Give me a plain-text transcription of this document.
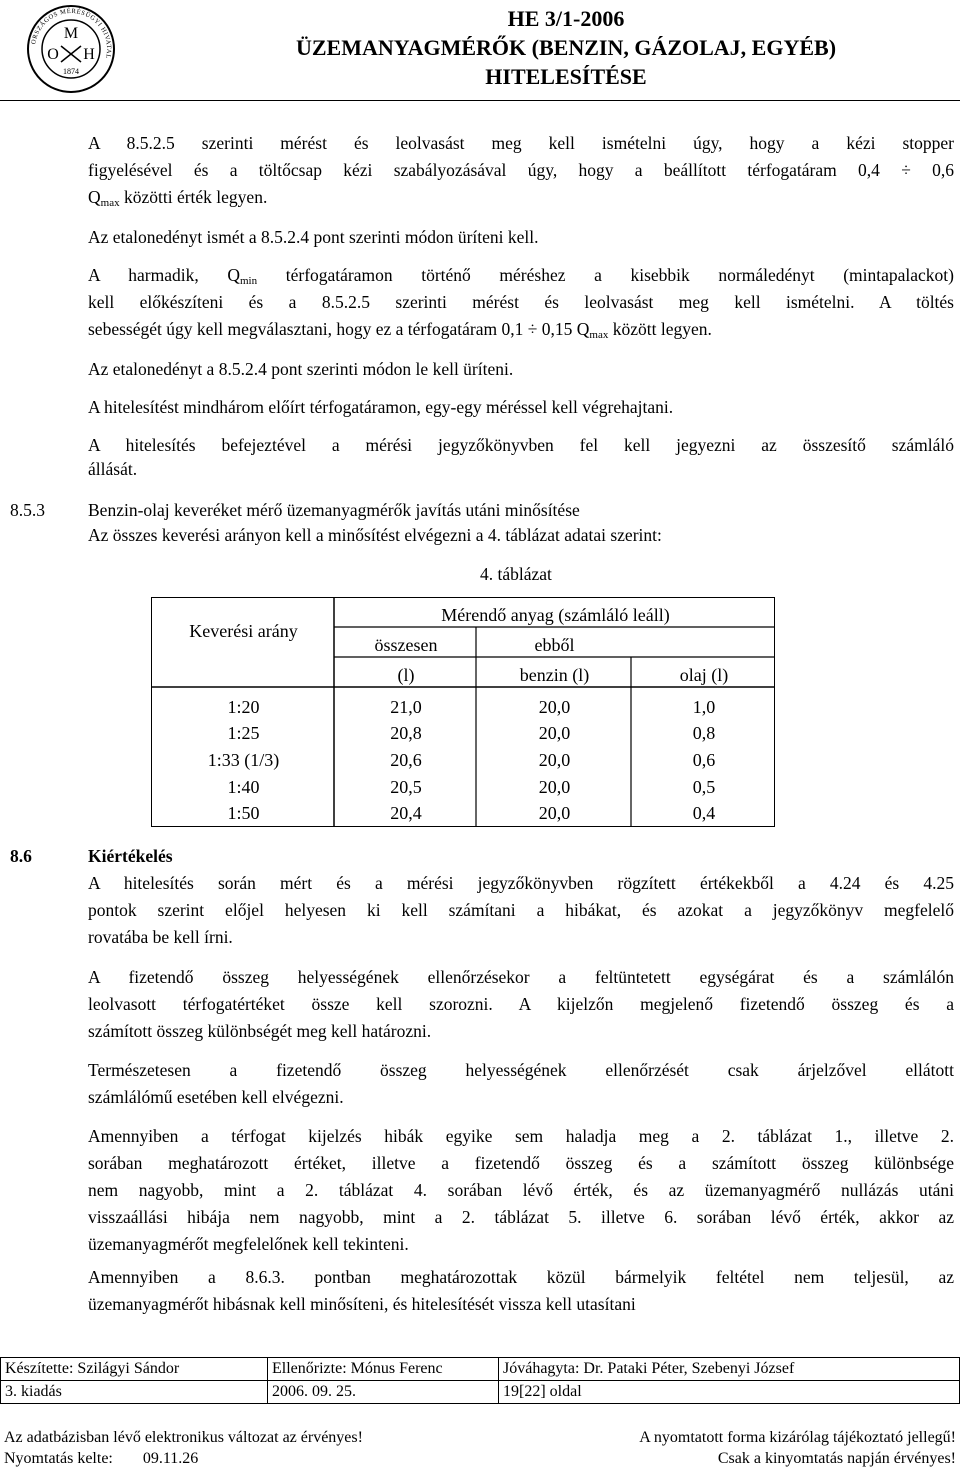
ORSZÁGOS MÉRÉSÜGYI HIVATAL
M
O H
1874
HE 3/1-2006
ÜZEMANYAGMÉRŐK (BENZIN, GÁZOLAJ, EGYÉB)
HITELESÍTÉSE
A 8.5.2.5 szerinti mérést és leolvasást meg kell ismételni úgy, hogy a kézi stopper
figyelésével és a töltőcsap kézi szabályozásával úgy, hogy a beállított térfogatáram 0,4 ÷ 0,6
$Q_{max}$ közötti érték legyen.
Az etalonedényt ismét a 8.5.2.4 pont szerinti módon üríteni kell.
A harmadik, $Q_{min}$ térfogatáramon történő méréshez a kisebbik normáledényt (mintapalackot)
kell előkészíteni és a 8.5.2.5 szerinti mérést és leolvasást meg kell ismételni. A töltés
sebességét úgy kell megválasztani, hogy ez a térfogatáram 0,1 ÷ 0,15 $Q_{max}$ között legyen.
Az etalonedényt a 8.5.2.4 pont szerinti módon le kell üríteni.
A hitelesítést mindhárom előírt térfogatáramon, egy-egy méréssel kell végrehajtani.
A hitelesítés befejeztével a mérési jegyzőkönyvben fel kell jegyezni az összesítő számláló
állását.
8.5.3 Benzin-olaj keveréket mérő üzemanyagmérők javítás utáni minősítése
Az összes keverési arányon kell a minősítést elvégezni a 4. táblázat adatai szerint:
4. táblázat
Keverési arány
Mérendő anyag (számláló leáll)
összesen	ebből
(l)	benzin (l)	olaj (l)
1:20	21,0	20,0	1,0
1:25	20,8	20,0	0,8
1:33 (1/3)	20,6	20,0	0,6
1:40	20,5	20,0	0,5
1:50	20,4	20,0	0,4
8.6	Kiértékelés
A hitelesítés során mért és a mérési jegyzőkönyvben rögzített értékekből a 4.24 és 4.25
pontok szerint előjel helyesen ki kell számítani a hibákat, és azokat a jegyzőkönyv megfelelő
rovatába be kell írni.
A fizetendő összeg helyességének ellenőrzésekor a feltüntetett egységárat és a számlálón
leolvasott térfogatértéket össze kell szorozni. A kijelzőn megjelenő fizetendő összeg és a
számított összeg különbségét meg kell határozni.
Természetesen a fizetendő összeg helyességének ellenőrzését csak árjelzővel ellátott
számlálómű esetében kell elvégezni.
Amennyiben a térfogat kijelzés hibák egyike sem haladja meg a 2. táblázat 1., illetve 2.
sorában meghatározott értéket, illetve a fizetendő összeg és a számított összeg különbsége
nem nagyobb, mint a 2. táblázat 4. sorában lévő érték, és az üzemanyagmérő nullázás utáni
visszaállási hibája nem nagyobb, mint a 2. táblázat 5. illetve 6. sorában lévő érték, akkor az
üzemanyagmérőt megfelelőnek kell tekinteni.
Amennyiben a 8.6.3. pontban meghatározottak közül bármelyik feltétel nem teljesül, az
üzemanyagmérőt hibásnak kell minősíteni, és hitelesítését vissza kell utasítani
Készítette: Szilágyi Sándor	Ellenőrizte: Mónus Ferenc	Jóváhagyta: Dr. Pataki Péter, Szebenyi József
3. kiadás	2006. 09. 25.	19[22] oldal
Az adatbázisban lévő elektronikus változat az érvényes!	A nyomtatott forma kizárólag tájékoztató jellegű!
Nyomtatás kelte: 09.11.26	Csak a kinyomtatás napján érvényes!
